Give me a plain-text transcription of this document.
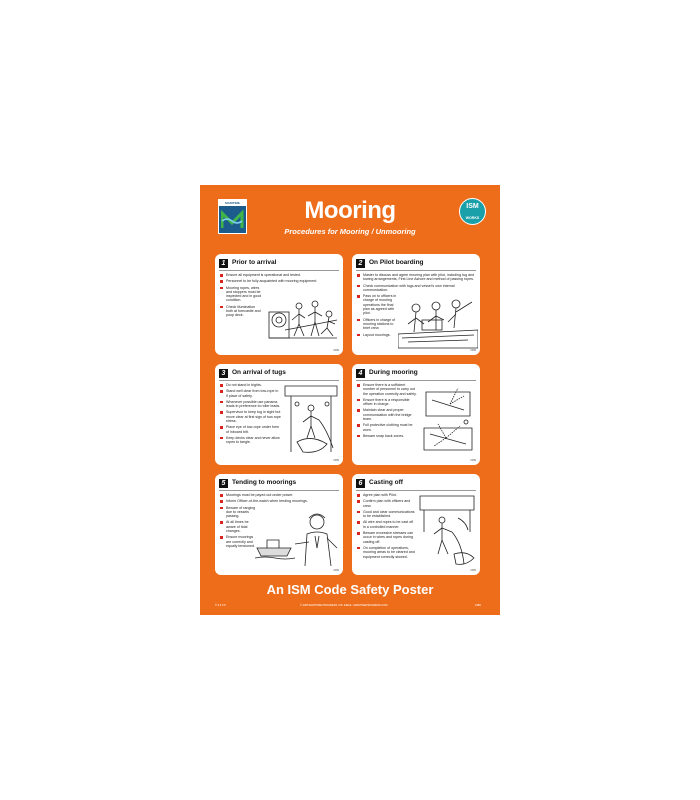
MARITIME PROGRESS	Mooring
Procedures for Mooring / Unmooring
ISM
WORKS
1	Prior to arrival
Ensure all equipment is operational and tested.
Personnel to be fully acquainted with mooring equipment.
Mooring ropes, wires and stoppers must be inspected and in good condition.
Check illumination both at forecastle and poop deck.
2389
2	On Pilot boarding
Master to discuss and agree mooring plan with pilot, including tug and towing arrangements, First Line Ashore and method of passing ropes.
Check communication with tugs and vessel's own internal communication.
Pass on to officers in charge of mooring operations the final plan as agreed with pilot.
Officers in charge of mooring stations to brief crew.
Layout moorings.
2389
3	On arrival of tugs
Do not stand in bights.
Stand well clear from tow-rope in if place of safety.
Whenever possible use panama leads in preference to roller leads.
Supervisor to keep tug in sight but move clear at first sign of tow-rope stress.
Place eye of tow-rope under form of inboard bitt.
Keep decks clear and never allow ropes to tangle.
2389
4	During mooring
Ensure there is a sufficient number of personnel to carry out the operation correctly and safely.
Ensure there is a responsible officer in charge.
Maintain clear and proper communication with the bridge team.
Full protective clothing must be worn.
Beware snap back zones.
2389
5	Tending to moorings
Moorings must be payed out under power.
Inform Officer-of-the-watch when tending moorings.
Beware of ranging due to vessels passing.
At all times be aware of tidal changes.
Ensure moorings are correctly and equally tensioned.
2389
6	Casting off
Agree plan with Pilot.
Confirm plan with officers and crew.
Good and clear communications to be established.
All wire and ropes to be cast off in a controlled manner.
Beware excessive stresses can occur in wires and ropes during casting off.
On completion of operations, mooring areas to be cleared and equipment correctly stowed.
2389
An ISM Code Safety Poster
© 2 0 0 5	© 2005 MARITIME PROGRESS LTD. EMAIL: MARITIMEPROGRESS.COM	2389
